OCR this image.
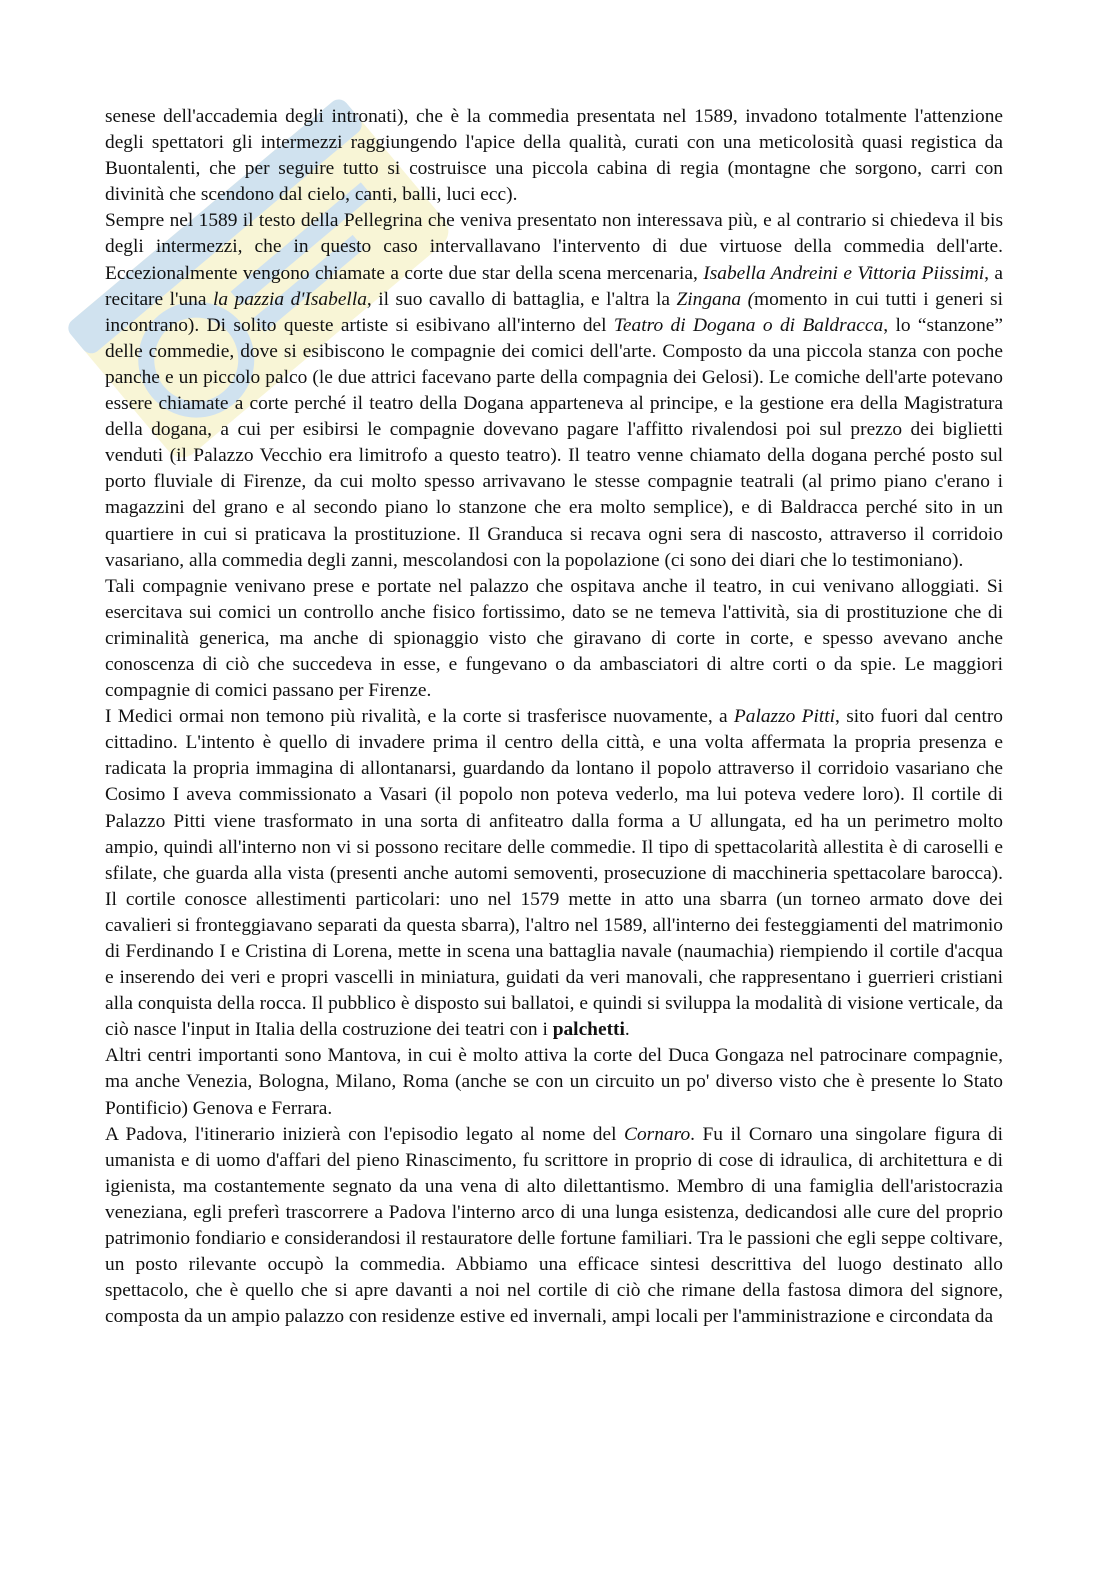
senese dell'accademia degli intronati), che è la commedia presentata nel 1589, invadono totalmente l'attenzione degli spettatori gli intermezzi raggiungendo l'apice della qualità, curati con una meticolosità quasi registica da Buontalenti, che per seguire tutto si costruisce una piccola cabina di regia (montagne che sorgono, carri con divinità che scendono dal cielo, canti, balli, luci ecc).

Sempre nel 1589 il testo della Pellegrina che veniva presentato non interessava più, e al contrario si chiedeva il bis degli intermezzi, che in questo caso intervallavano l'intervento di due virtuose della commedia dell'arte. Eccezionalmente vengono chiamate a corte due star della scena mercenaria, Isabella Andreini e Vittoria Piissimi, a recitare l'una la pazzia d'Isabella, il suo cavallo di battaglia, e l'altra la Zingana (momento in cui tutti i generi si incontrano). Di solito queste artiste si esibivano all'interno del Teatro di Dogana o di Baldracca, lo “stanzone” delle commedie, dove si esibiscono le compagnie dei comici dell'arte. Composto da una piccola stanza con poche panche e un piccolo palco (le due attrici facevano parte della compagnia dei Gelosi). Le comiche dell'arte potevano essere chiamate a corte perché il teatro della Dogana apparteneva al principe, e la gestione era della Magistratura della dogana, a cui per esibirsi le compagnie dovevano pagare l'affitto rivalendosi poi sul prezzo dei biglietti venduti (il Palazzo Vecchio era limitrofo a questo teatro). Il teatro venne chiamato della dogana perché posto sul porto fluviale di Firenze, da cui molto spesso arrivavano le stesse compagnie teatrali (al primo piano c'erano i magazzini del grano e al secondo piano lo stanzone che era molto semplice), e di Baldracca perché sito in un quartiere in cui si praticava la prostituzione. Il Granduca si recava ogni sera di nascosto, attraverso il corridoio vasariano, alla commedia degli zanni, mescolandosi con la popolazione (ci sono dei diari che lo testimoniano).

Tali compagnie venivano prese e portate nel palazzo che ospitava anche il teatro, in cui venivano alloggiati. Si esercitava sui comici un controllo anche fisico fortissimo, dato se ne temeva l'attività, sia di prostituzione che di criminalità generica, ma anche di spionaggio visto che giravano di corte in corte, e spesso avevano anche conoscenza di ciò che succedeva in esse, e fungevano o da ambasciatori di altre corti o da spie. Le maggiori compagnie di comici passano per Firenze.

I Medici ormai non temono più rivalità, e la corte si trasferisce nuovamente, a Palazzo Pitti, sito fuori dal centro cittadino. L'intento è quello di invadere prima il centro della città, e una volta affermata la propria presenza e radicata la propria immagina di allontanarsi, guardando da lontano il popolo attraverso il corridoio vasariano che Cosimo I aveva commissionato a Vasari (il popolo non poteva vederlo, ma lui poteva vedere loro). Il cortile di Palazzo Pitti viene trasformato in una sorta di anfiteatro dalla forma a U allungata, ed ha un perimetro molto ampio, quindi all'interno non vi si possono recitare delle commedie. Il tipo di spettacolarità allestita è di caroselli e sfilate, che guarda alla vista (presenti anche automi semoventi, prosecuzione di macchineria spettacolare barocca). Il cortile conosce allestimenti particolari: uno nel 1579 mette in atto una sbarra (un torneo armato dove dei cavalieri si fronteggiavano separati da questa sbarra), l'altro nel 1589, all'interno dei festeggiamenti del matrimonio di Ferdinando I e Cristina di Lorena, mette in scena una battaglia navale (naumachia) riempiendo il cortile d'acqua e inserendo dei veri e propri vascelli in miniatura, guidati da veri manovali, che rappresentano i guerrieri cristiani alla conquista della rocca. Il pubblico è disposto sui ballatoi, e quindi si sviluppa la modalità di visione verticale, da ciò nasce l'input in Italia della costruzione dei teatri con i palchetti.

Altri centri importanti sono Mantova, in cui è molto attiva la corte del Duca Gongaza nel patrocinare compagnie, ma anche Venezia, Bologna, Milano, Roma (anche se con un circuito un po' diverso visto che è presente lo Stato Pontificio) Genova e Ferrara.

A Padova, l'itinerario inizierà con l'episodio legato al nome del Cornaro. Fu il Cornaro una singolare figura di umanista e di uomo d'affari del pieno Rinascimento, fu scrittore in proprio di cose di idraulica, di architettura e di igienista, ma costantemente segnato da una vena di alto dilettantismo. Membro di una famiglia dell'aristocrazia veneziana, egli preferì trascorrere a Padova l'interno arco di una lunga esistenza, dedicandosi alle cure del proprio patrimonio fondiario e considerandosi il restauratore delle fortune familiari. Tra le passioni che egli seppe coltivare, un posto rilevante occupò la commedia. Abbiamo una efficace sintesi descrittiva del luogo destinato allo spettacolo, che è quello che si apre davanti a noi nel cortile di ciò che rimane della fastosa dimora del signore, composta da un ampio palazzo con residenze estive ed invernali, ampi locali per l'amministrazione e circondata da
